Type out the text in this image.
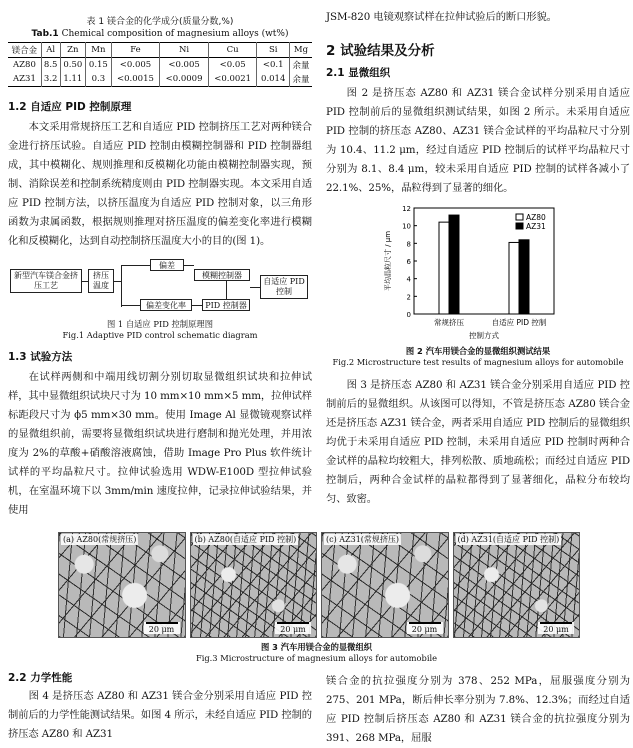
表 1 镁合金的化学成分(质量分数,%)
Tab.1 Chemical composition of magnesium alloys (wt%)
镁合金	Al	Zn	Mn	Fe	Ni	Cu	Si	Mg
AZ80	8.5	0.50	0.15	<0.005	<0.005	<0.05	<0.1	余量
AZ31	3.2	1.11	0.3	<0.0015	<0.0009	<0.0021	0.014	余量
1.2 自适应 PID 控制原理

本文采用常规挤压工艺和自适应 PID 控制挤压工艺对两种镁合金进行挤压试验。自适应 PID 控制由模糊控制器和 PID 控制器组成，其中模糊化、规则推理和反模糊化功能由模糊控制器实现，预制、消除误差和控制系统精度则由 PID 控制器实现。本文采用自适应 PID 控制方法，以挤压温度为自适应 PID 控制对象，以三角形函数为隶属函数，根据规则推理对挤压温度的偏差变化率进行模糊化和反模糊化，达到自动控制挤压温度大小的目的(图 1)。

新型汽车镁合金挤压工艺
挤压温度
偏差
模糊控制器
偏差变化率	PID 控制器
自适应 PID 控制
图 1 自适应 PID 控制原理图
Fig.1 Adaptive PID control schematic diagram
1.3 试验方法

在试样两侧和中端用线切割分别切取显微组织试块和拉伸试样，其中显微组织试块尺寸为 10 mm×10 mm×5 mm，拉伸试样标距段尺寸为 ϕ5 mm×30 mm。使用 Image Al 显微镜观察试样的显微组织前，需要将显微组织试块进行磨制和抛光处理，并用浓度为 2%的草酸+硝酸溶液腐蚀，借助 Image Pro Plus 软件统计试样的平均晶粒尺寸。拉伸试验选用 WDW-E100D 型拉伸试验机，在室温环境下以 3mm/min 速度拉伸，记录拉伸试验结果，并使用

JSM-820 电镜观察试样在拉伸试验后的断口形貌。

2 试验结果及分析
2.1 显微组织

图 2 是挤压态 AZ80 和 AZ31 镁合金试样分别采用自适应 PID 控制前后的显微组织测试结果，如图 2 所示。未采用自适应 PID 控制的挤压态 AZ80、AZ31 镁合金试样的平均晶粒尺寸分别为 10.4、11.2 μm，经过自适应 PID 控制后的试样平均晶粒尺寸分别为 8.1、8.4 μm，较未采用自适应 PID 控制的试样各减小了 22.1%、25%，晶粒得到了显著的细化。

0
2
4
6
8
10
12
常规挤压	自适应 PID 控制
控制方式
平均晶粒尺寸 / μm
AZ80
AZ31
图 2 汽车用镁合金的显微组织测试结果
Fig.2 Microstructure test results of magnesium alloys for automobile

图 3 是挤压态 AZ80 和 AZ31 镁合金分别采用自适应 PID 控制前后的显微组织。从该图可以得知，不管是挤压态 AZ80 镁合金还是挤压态 AZ31 镁合金，两者采用自适应 PID 控制后的显微组织均优于未采用自适应 PID 控制，未采用自适应 PID 控制时两种合金试样的晶粒均较粗大，排列松散、质地疏松；而经过自适应 PID 控制后，两种合金试样的晶粒都得到了显著细化，晶粒分布较均匀、致密。

(a) AZ80(常规挤压)
20 μm
(b) AZ80(自适应 PID 控制)
20 μm
(c) AZ31(常规挤压)
20 μm
(d) AZ31(自适应 PID 控制)
20 μm
图 3 汽车用镁合金的显微组织
Fig.3 Microstructure of magnesium alloys for automobile
2.2 力学性能

图 4 是挤压态 AZ80 和 AZ31 镁合金分别采用自适应 PID 控制前后的力学性能测试结果。如图 4 所示，未经自适应 PID 控制的挤压态 AZ80 和 AZ31

镁合金的抗拉强度分别为 378、252 MPa，屈服强度分别为 275、201 MPa，断后伸长率分别为 7.8%、12.3%；而经过自适应 PID 控制后挤压态 AZ80 和 AZ31 镁合金的抗拉强度分别为 391、268 MPa，屈服
